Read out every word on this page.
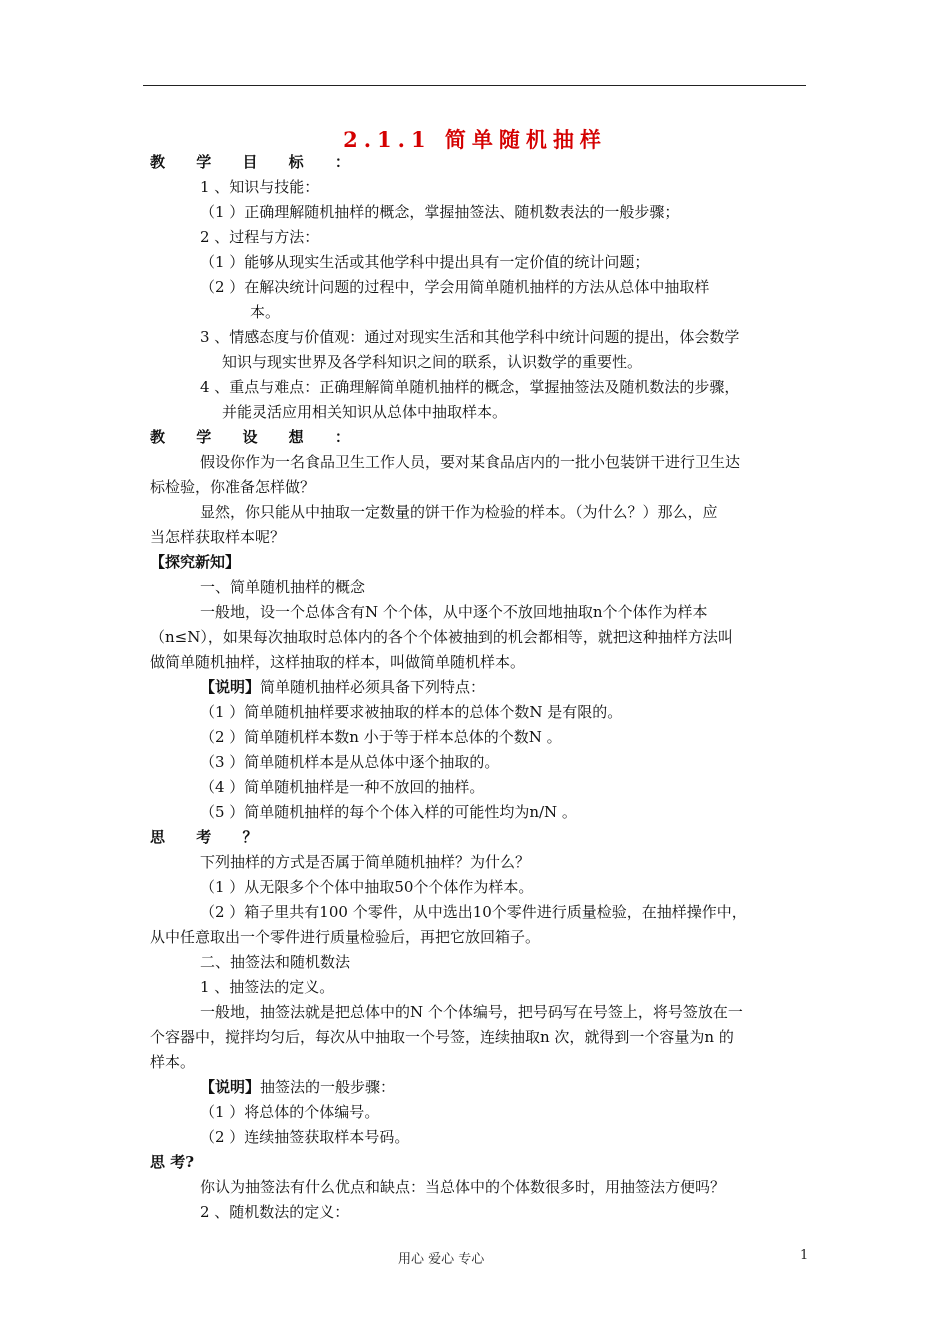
2.1.1 简单随机抽样
教 学 目 标 ：
1 、知识与技能：
（1 ）正确理解随机抽样的概念，掌握抽签法、随机数表法的一般步骤；
2 、过程与方法：
（1 ）能够从现实生活或其他学科中提出具有一定价值的统计问题；
（2 ）在解决统计问题的过程中，学会用简单随机抽样的方法从总体中抽取样
本。
3 、情感态度与价值观：通过对现实生活和其他学科中统计问题的提出，体会数学
知识与现实世界及各学科知识之间的联系，认识数学的重要性。
4 、重点与难点：正确理解简单随机抽样的概念，掌握抽签法及随机数法的步骤，
并能灵活应用相关知识从总体中抽取样本。
教 学 设 想 ：
假设你作为一名食品卫生工作人员，要对某食品店内的一批小包装饼干进行卫生达
标检验，你准备怎样做？
显然，你只能从中抽取一定数量的饼干作为检验的样本。（为什么？）那么，应
当怎样获取样本呢？
【探究新知】
一、简单随机抽样的概念
一般地，设一个总体含有N 个个体，从中逐个不放回地抽取n个个体作为样本
（n≤N），如果每次抽取时总体内的各个个体被抽到的机会都相等，就把这种抽样方法叫
做简单随机抽样，这样抽取的样本，叫做简单随机样本。
【说明】简单随机抽样必须具备下列特点：
（1 ）简单随机抽样要求被抽取的样本的总体个数N 是有限的。
（2 ）简单随机样本数n 小于等于样本总体的个数N 。
（3 ）简单随机样本是从总体中逐个抽取的。
（4 ）简单随机抽样是一种不放回的抽样。
（5 ）简单随机抽样的每个个体入样的可能性均为n/N 。
思 考 ？
下列抽样的方式是否属于简单随机抽样？为什么？
（1 ）从无限多个个体中抽取50个个体作为样本。
（2 ）箱子里共有100 个零件，从中选出10个零件进行质量检验，在抽样操作中，
从中任意取出一个零件进行质量检验后，再把它放回箱子。
二、抽签法和随机数法
1 、抽签法的定义。
一般地，抽签法就是把总体中的N 个个体编号，把号码写在号签上，将号签放在一
个容器中，搅拌均匀后，每次从中抽取一个号签，连续抽取n 次，就得到一个容量为n 的
样本。
【说明】抽签法的一般步骤：
（1 ）将总体的个体编号。
（2 ）连续抽签获取样本号码。
思 考?
你认为抽签法有什么优点和缺点：当总体中的个体数很多时，用抽签法方便吗？
2 、随机数法的定义：
用心 爱心 专心	1
